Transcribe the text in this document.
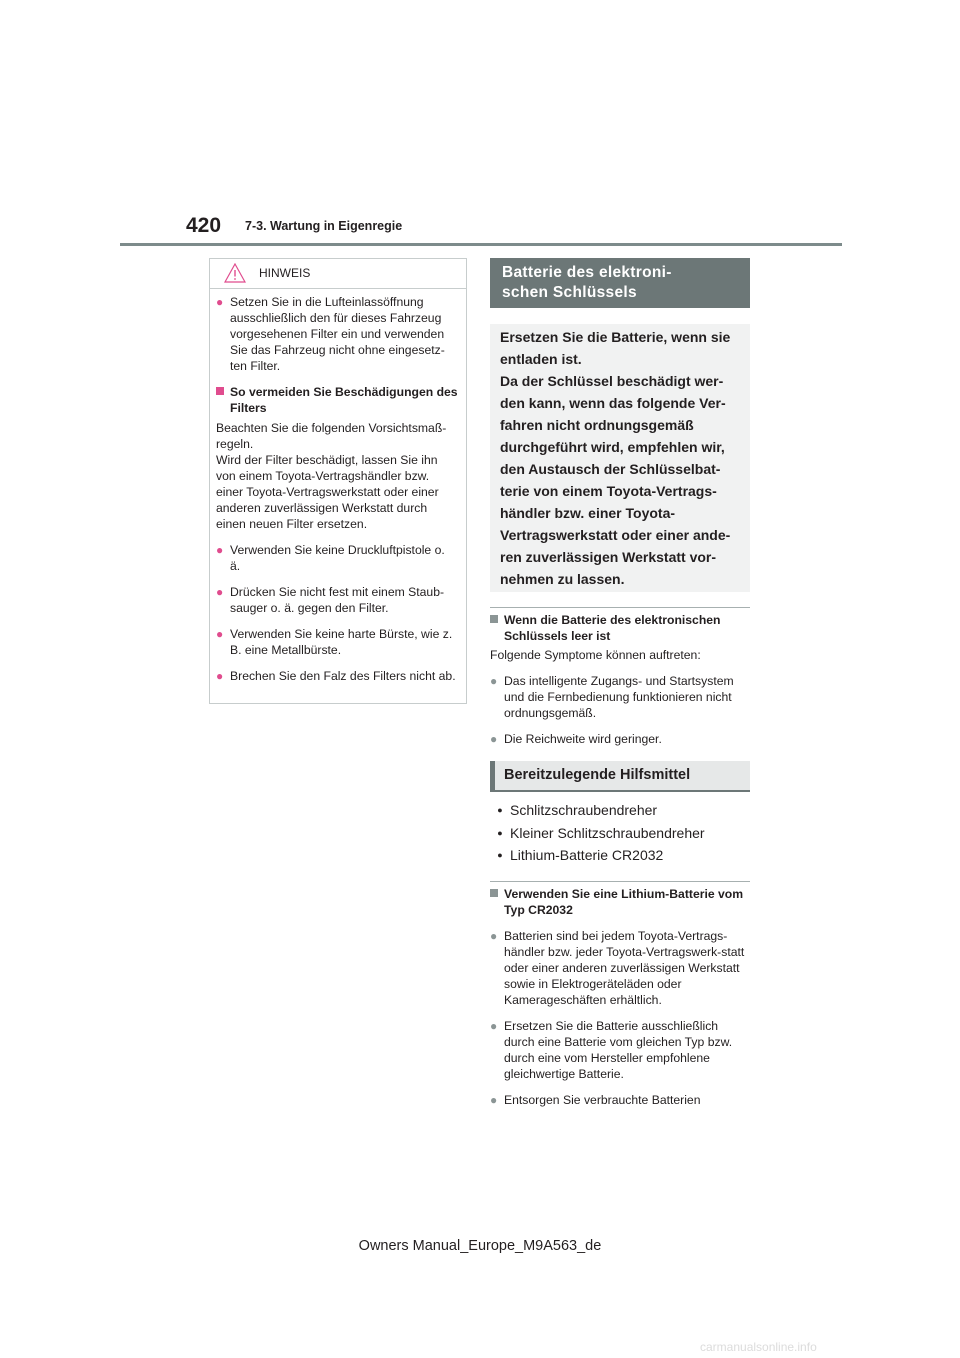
420 7-3. Wartung in Eigenregie
HINWEIS
● Setzen Sie in die Lufteinlassöffnung ausschließlich den für dieses Fahrzeug vorgesehenen Filter ein und verwenden Sie das Fahrzeug nicht ohne eingesetz-ten Filter.
So vermeiden Sie Beschädigungen des Filters
Beachten Sie die folgenden Vorsichtsmaß-regeln.
Wird der Filter beschädigt, lassen Sie ihn von einem Toyota-Vertragshändler bzw. einer Toyota-Vertragswerkstatt oder einer anderen zuverlässigen Werkstatt durch einen neuen Filter ersetzen.
● Verwenden Sie keine Druckluftpistole o. ä.
● Drücken Sie nicht fest mit einem Staub-sauger o. ä. gegen den Filter.
● Verwenden Sie keine harte Bürste, wie z. B. eine Metallbürste.
● Brechen Sie den Falz des Filters nicht ab.
Batterie des elektroni-
schen Schlüssels
Ersetzen Sie die Batterie, wenn sie entladen ist.
Da der Schlüssel beschädigt wer-den kann, wenn das folgende Ver-fahren nicht ordnungsgemäß durchgeführt wird, empfehlen wir, den Austausch der Schlüsselbat-terie von einem Toyota-Vertrags-händler bzw. einer Toyota-Vertragswerkstatt oder einer ande-ren zuverlässigen Werkstatt vor-nehmen zu lassen.
Wenn die Batterie des elektronischen Schlüssels leer ist
Folgende Symptome können auftreten:
● Das intelligente Zugangs- und Startsystem und die Fernbedienung funktionieren nicht ordnungsgemäß.
● Die Reichweite wird geringer.
Bereitzulegende Hilfsmittel
● Schlitzschraubendreher
● Kleiner Schlitzschraubendreher
● Lithium-Batterie CR2032
Verwenden Sie eine Lithium-Batterie vom Typ CR2032
● Batterien sind bei jedem Toyota-Vertrags-händler bzw. jeder Toyota-Vertragswerk-statt oder einer anderen zuverlässigen Werkstatt sowie in Elektrogeräteläden oder Kamerageschäften erhältlich.
● Ersetzen Sie die Batterie ausschließlich durch eine Batterie vom gleichen Typ bzw. durch eine vom Hersteller empfohlene gleichwertige Batterie.
● Entsorgen Sie verbrauchte Batterien
Owners Manual_Europe_M9A563_de
carmanualsonline.info
